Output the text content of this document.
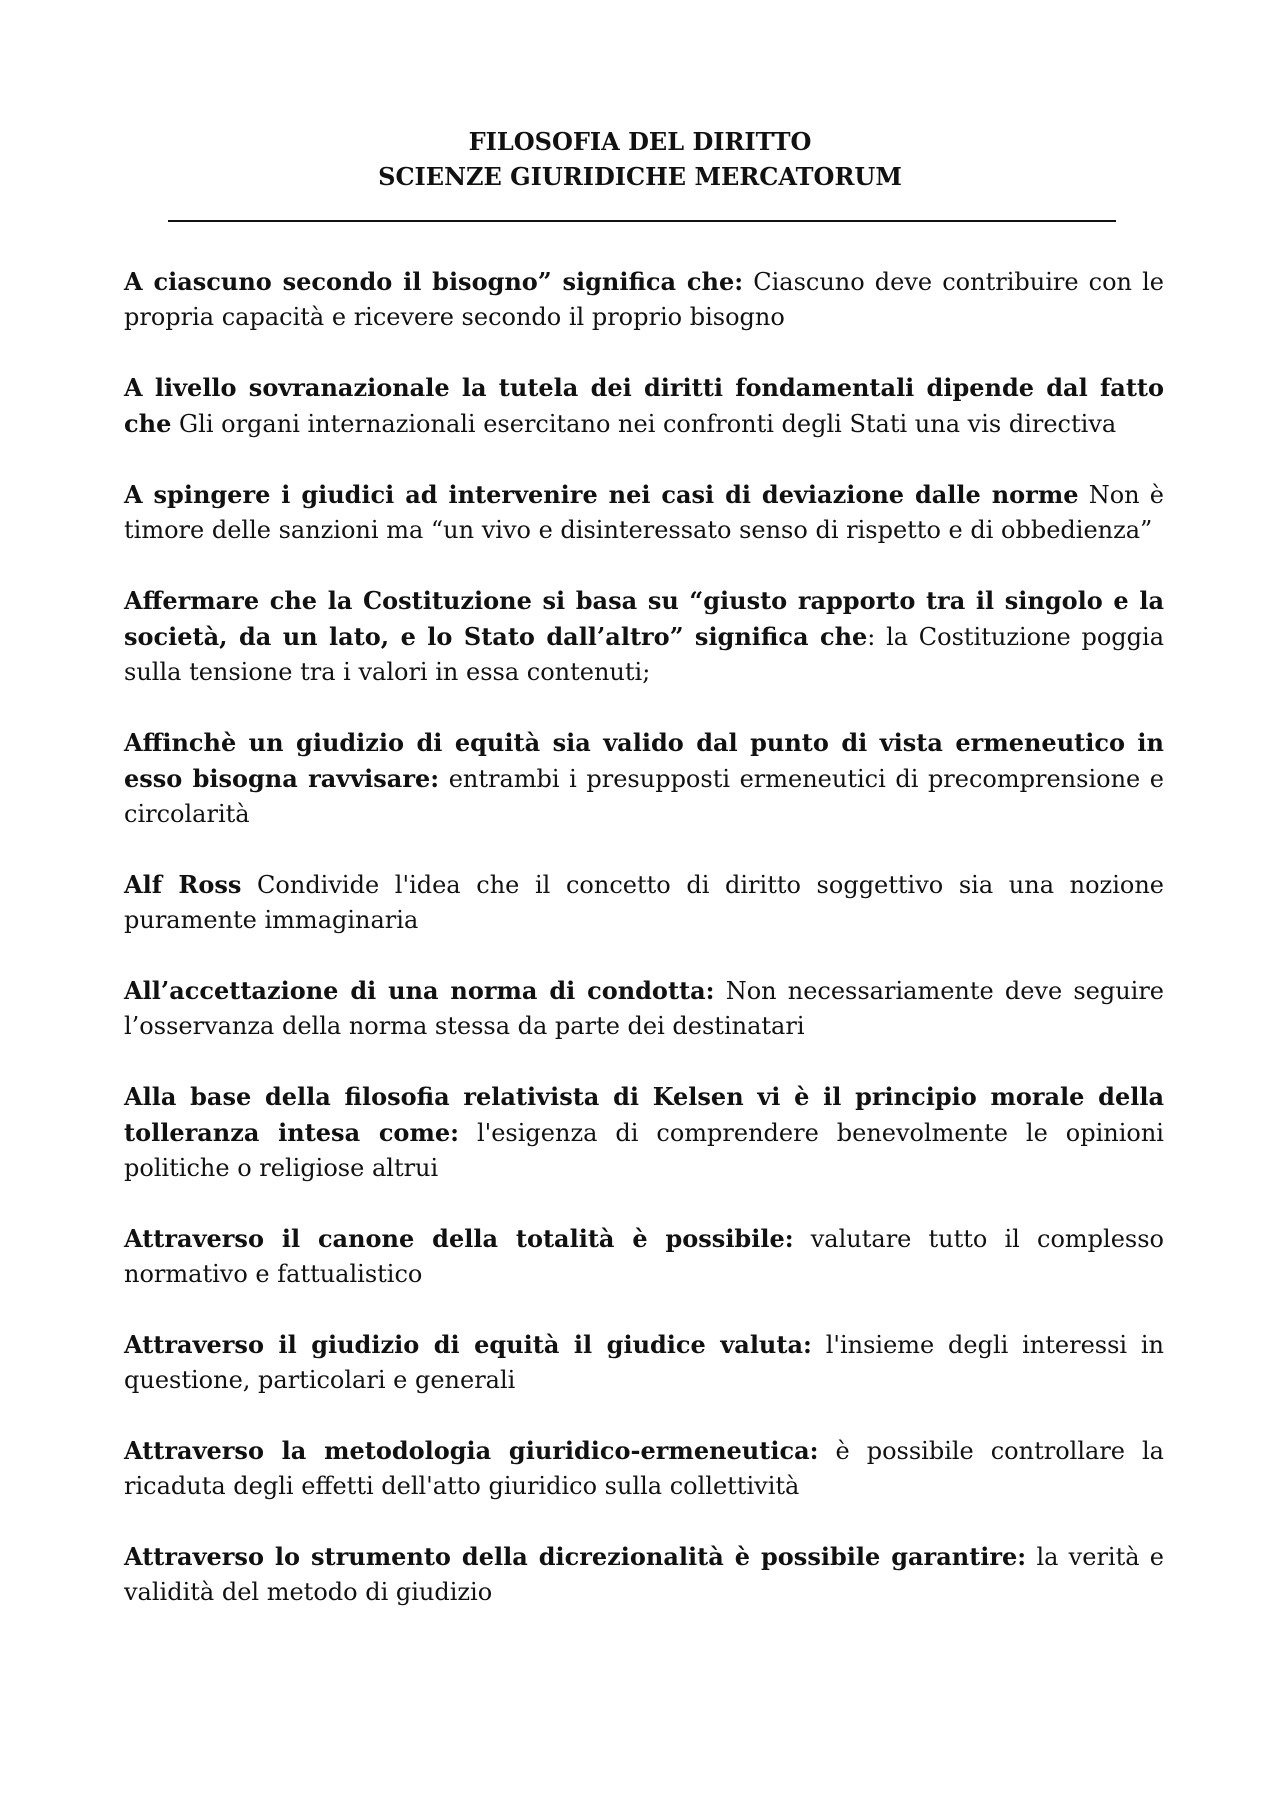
FILOSOFIA DEL DIRITTO
SCIENZE GIURIDICHE MERCATORUM

A ciascuno secondo il bisogno” significa che: Ciascuno deve contribuire con le propria capacità e ricevere secondo il proprio bisogno

A livello sovranazionale la tutela dei diritti fondamentali dipende dal fatto che Gli organi internazionali esercitano nei confronti degli Stati una vis directiva

A spingere i giudici ad intervenire nei casi di deviazione dalle norme Non è timore delle sanzioni ma “un vivo e disinteressato senso di rispetto e di obbedienza”

Affermare che la Costituzione si basa su “giusto rapporto tra il singolo e la società, da un lato, e lo Stato dall’altro” significa che: la Costituzione poggia sulla tensione tra i valori in essa contenuti;

Affinchè un giudizio di equità sia valido dal punto di vista ermeneutico in esso bisogna ravvisare: entrambi i presupposti ermeneutici di precomprensione e circolarità

Alf Ross Condivide l'idea che il concetto di diritto soggettivo sia una nozione puramente immaginaria

All’accettazione di una norma di condotta: Non necessariamente deve seguire l’osservanza della norma stessa da parte dei destinatari

Alla base della filosofia relativista di Kelsen vi è il principio morale della tolleranza intesa come: l'esigenza di comprendere benevolmente le opinioni politiche o religiose altrui

Attraverso il canone della totalità è possibile: valutare tutto il complesso normativo e fattualistico

Attraverso il giudizio di equità il giudice valuta: l'insieme degli interessi in questione, particolari e generali

Attraverso la metodologia giuridico-ermeneutica: è possibile controllare la ricaduta degli effetti dell'atto giuridico sulla collettività

Attraverso lo strumento della dicrezionalità è possibile garantire: la verità e validità del metodo di giudizio
